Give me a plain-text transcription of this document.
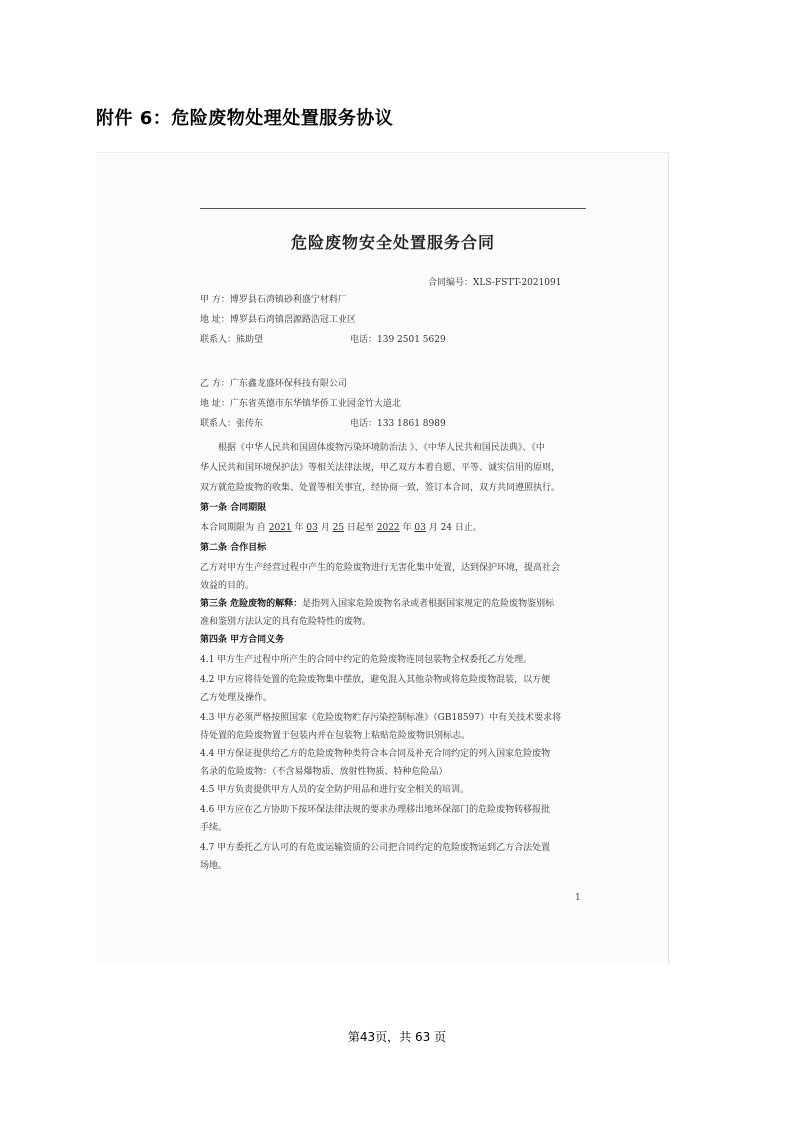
附件 6：危险废物处理处置服务协议
危险废物安全处置服务合同
合同编号：XLS-FSTT-2021091
甲 方：博罗县石湾镇砂利盛宁材料厂
地 址：博罗县石湾镇滘源路浩冠工业区
联系人：熊助望	电话：139 2501 5629
乙 方：广东鑫龙盛环保科技有限公司
地 址：广东省英德市东华镇华侨工业园金竹大道北
联系人：张传东	电话：133 1861 8989
根据《中华人民共和国固体废物污染环境防治法 》、《中华人民共和国民法典》、《中
华人民共和国环境保护法》等相关法律法规，甲乙双方本着自愿、平等、诚实信用的原则，
双方就危险废物的收集、处置等相关事宜，经协商一致，签订本合同，双方共同遵照执行。
第一条 合同期限
本合同期限为 自 2021 年 03 月 25 日起至 2022 年 03 月 24 日止。
第二条 合作目标
乙方对甲方生产经营过程中产生的危险废物进行无害化集中处置，达到保护环境，提高社会
效益的目的。
第三条 危险废物的解释：是指列入国家危险废物名录或者根据国家规定的危险废物鉴别标
准和鉴别方法认定的具有危险特性的废物。
第四条 甲方合同义务
4.1 甲方生产过程中所产生的合同中约定的危险废物连同包装物全权委托乙方处理。
4.2 甲方应将待处置的危险废物集中摆放，避免混入其他杂物或将危险废物混装，以方便
乙方处理及操作。
4.3 甲方必须严格按照国家《危险废物贮存污染控制标准》（GB18597）中有关技术要求将
待处置的危险废物置于包装内并在包装物上粘贴危险废物识别标志。
4.4 甲方保证提供给乙方的危险废物种类符合本合同及补充合同约定的列入国家危险废物
名录的危险废物：（不含易爆物质、放射性物质、特种危险品）
4.5 甲方负责提供甲方人员的安全防护用品和进行安全相关的培训。
4.6 甲方应在乙方协助下按环保法律法规的要求办理移出地环保部门的危险废物转移报批
手续。
4.7 甲方委托乙方认可的有危废运输资质的公司把合同约定的危险废物运到乙方合法处置
场地。
1
第43页，共 63 页
